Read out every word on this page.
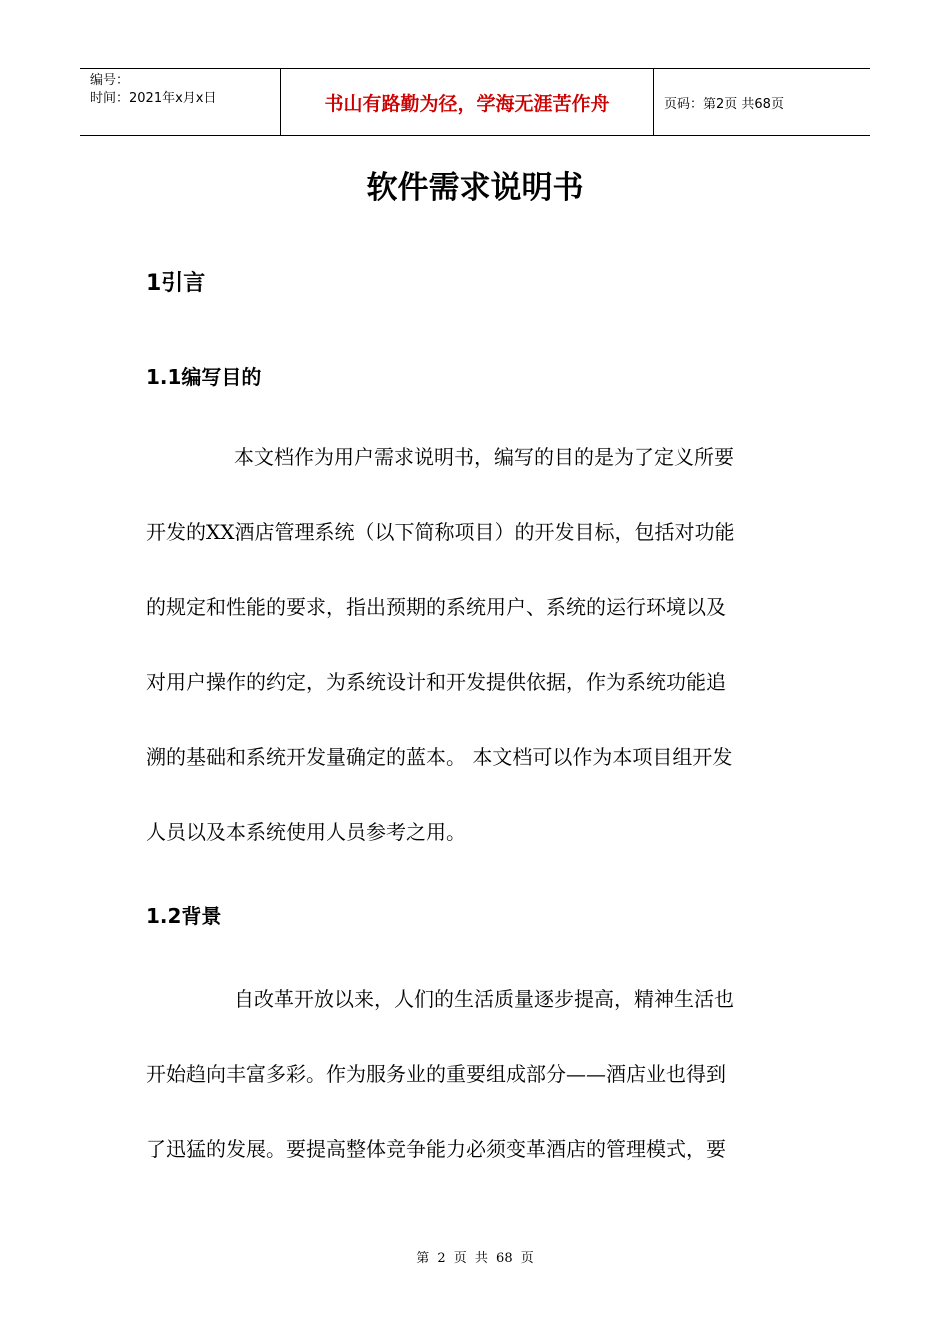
编号：
时间：2021年x月x日	书山有路勤为径，学海无涯苦作舟	页码：第2页 共68页
软件需求说明书
1引言
1.1编写目的
本文档作为用户需求说明书，编写的目的是为了定义所要
开发的XX酒店管理系统（以下简称项目）的开发目标，包括对功能
的规定和性能的要求，指出预期的系统用户、系统的运行环境以及
对用户操作的约定，为系统设计和开发提供依据，作为系统功能追
溯的基础和系统开发量确定的蓝本。 本文档可以作为本项目组开发
人员以及本系统使用人员参考之用。
1.2背景
自改革开放以来，人们的生活质量逐步提高，精神生活也
开始趋向丰富多彩。作为服务业的重要组成部分——酒店业也得到
了迅猛的发展。要提高整体竞争能力必须变革酒店的管理模式，要
第 2 页 共 68 页
